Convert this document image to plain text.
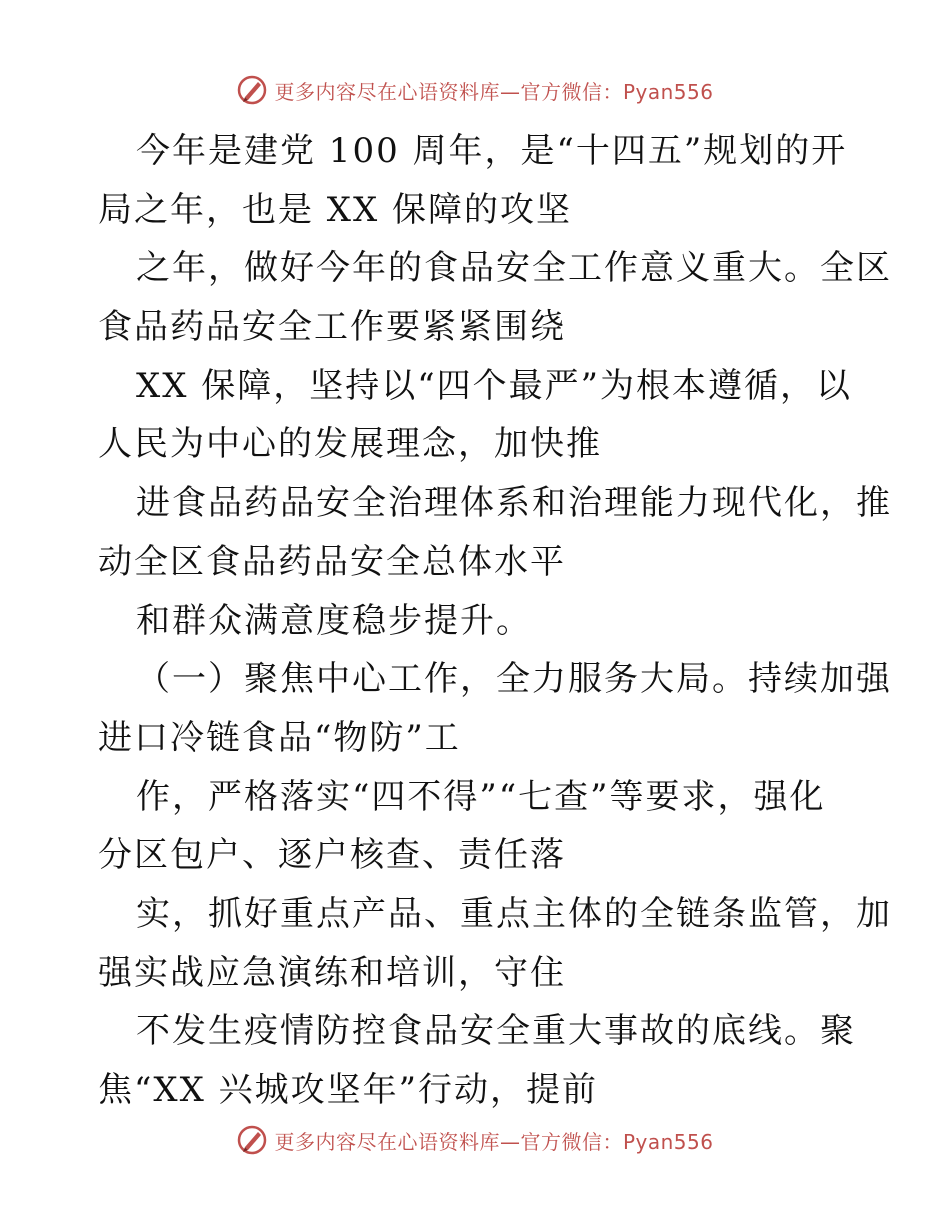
更多内容尽在心语资料库—官方微信：Pyan556
今年是建党 100 周年，是“十四五”规划的开
局之年，也是 XX 保障的攻坚
之年，做好今年的食品安全工作意义重大。全区
食品药品安全工作要紧紧围绕
XX 保障，坚持以“四个最严”为根本遵循，以
人民为中心的发展理念，加快推
进食品药品安全治理体系和治理能力现代化，推
动全区食品药品安全总体水平
和群众满意度稳步提升。
（一）聚焦中心工作，全力服务大局。持续加强
进口冷链食品“物防”工
作，严格落实“四不得”“七查”等要求，强化
分区包户、逐户核查、责任落
实，抓好重点产品、重点主体的全链条监管，加
强实战应急演练和培训，守住
不发生疫情防控食品安全重大事故的底线。聚
焦“XX 兴城攻坚年”行动，提前
更多内容尽在心语资料库—官方微信：Pyan556
